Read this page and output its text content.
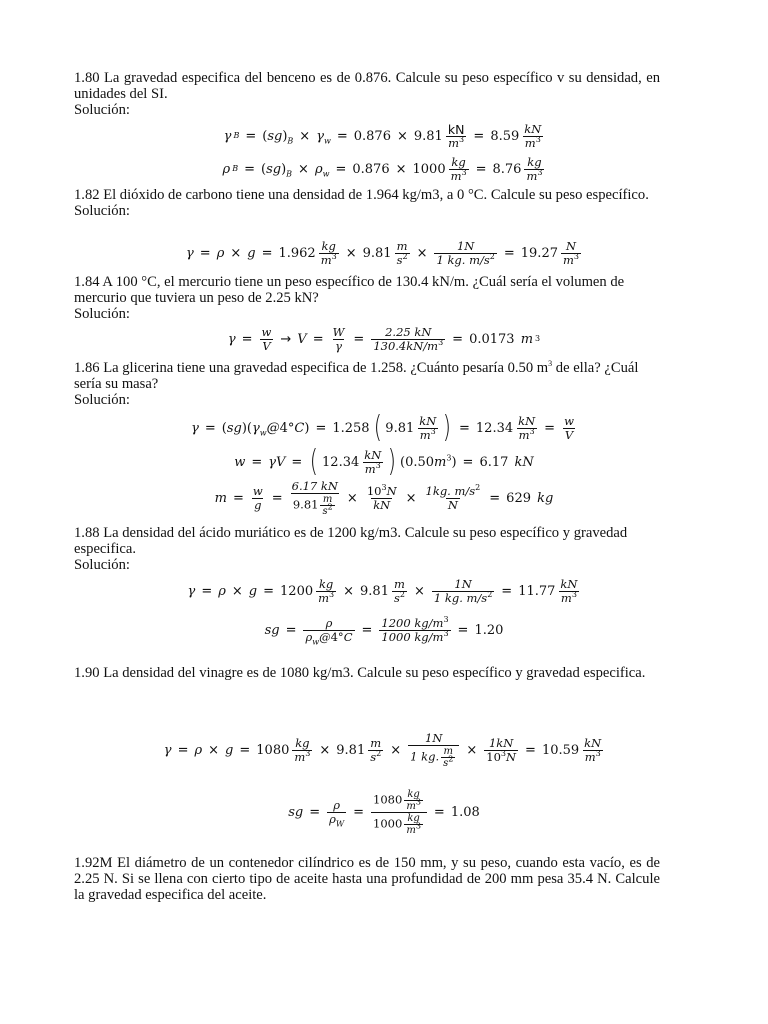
1.80 La gravedad especifica del benceno es de 0.876. Calcule su peso específico v su densidad, en unidades del SI.

Solución:

γ $B = (sg)_B \times \gamma_w = 0.876 \times 9.81 \frac{kN}{m^3} = 8.59 \frac{kN}{m^3}$
ρ $B = (sg)_B \times \rho_w = 0.876 \times 1000 \frac{kg}{m^3} = 8.76 \frac{kg}{m^3}$

1.82 El dióxido de carbono tiene una densidad de 1.964 kg/m3, a 0 °C. Calcule su peso específico.

Solución:

$\gamma = \rho \times g = 1.962 \frac{kg}{m^3} \times 9.81 \frac{m}{s^2} \times \frac{1N}{1 kg. m/s^2} = 19.27 \frac{N}{m^3}$

1.84 A 100 °C, el mercurio tiene un peso específico de 130.4 kN/m. ¿Cuál sería el volumen de mercurio que tuviera un peso de 2.25 kN?

Solución:

$\gamma = \frac{w}{V} \to V = \frac{W}{\gamma} = \frac{2.25 kN}{130.4kN/m^3} = 0.0173$
m 3

1.86 La glicerina tiene una gravedad especifica de 1.258. ¿Cuánto pesaría 0.50 $m^3$ de ella? ¿Cuál sería su masa?

Solución:

$\gamma = (sg)(\gamma_w@4^\circ C) = 1.258$ ( $9.81 \frac{kN}{m^3}$ ) = $12.34 \frac{kN}{m^3} = \frac{w}{V}$
w = γV = ( $12.34 \frac{kN}{m^3}$ ) $(0.50m^3) = 6.17$
kN
$m = \frac{w}{g} = \frac{6.17 kN}{9.81 \frac{m}{s^2}} \times \frac{10^3N}{kN} \times \frac{1kg. m/s^2}{N} = 629$
kg

1.88 La densidad del ácido muriático es de 1200 kg/m3. Calcule su peso específico y gravedad especifica.

Solución:

$\gamma = \rho \times g = 1200 \frac{kg}{m^3} \times 9.81 \frac{m}{s^2} \times \frac{1N}{1 kg. m/s^2} = 11.77 \frac{kN}{m^3}$
sg = $\frac{\rho}{\rho_w@4^\circ C} = \frac{1200 kg/m^3}{1000 kg/m^3} = 1.20$

1.90 La densidad del vinagre es de 1080 kg/m3. Calcule su peso específico y gravedad especifica.

$\gamma = \rho \times g = 1080 \frac{kg}{m^3} \times 9.81 \frac{m}{s^2} \times \frac{1N}{1 kg. \frac{m}{s^2}} \times \frac{1kN}{10^3N} = 10.59 \frac{kN}{m^3}$
sg = $\frac{\rho}{\rho_W} = \frac{1080 \frac{kg}{m^3}}{1000 \frac{kg}{m^3}} = 1.08$

1.92M El diámetro de un contenedor cilíndrico es de 150 mm, y su peso, cuando esta vacío, es de 2.25 N. Si se llena con cierto tipo de aceite hasta una profundidad de 200 mm pesa 35.4 N. Calcule la gravedad especifica del aceite.
